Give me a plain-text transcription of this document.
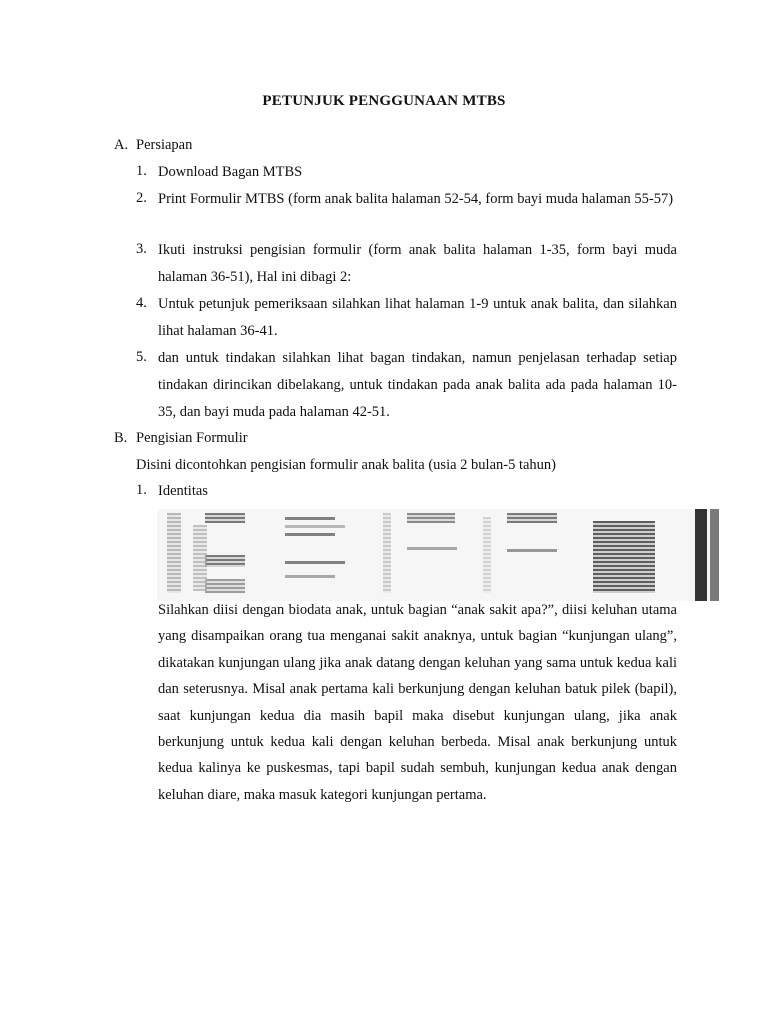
PETUNJUK PENGGUNAAN MTBS
A. Persiapan
1. Download Bagan MTBS
2. Print Formulir MTBS (form anak balita halaman 52-54, form bayi muda halaman 55-57)
3. Ikuti instruksi pengisian formulir (form anak balita halaman 1-35, form bayi muda halaman 36-51), Hal ini dibagi 2:
4. Untuk petunjuk pemeriksaan silahkan lihat halaman 1-9 untuk anak balita, dan silahkan lihat halaman 36-41.
5. dan untuk tindakan silahkan lihat bagan tindakan, namun penjelasan terhadap setiap tindakan dirincikan dibelakang, untuk tindakan pada anak balita ada pada halaman 10-35, dan bayi muda pada halaman 42-51.
B. Pengisian Formulir
Disini dicontohkan pengisian formulir anak balita (usia 2 bulan-5 tahun)
1. Identitas
Silahkan diisi dengan biodata anak, untuk bagian “anak sakit apa?”, diisi keluhan utama yang disampaikan orang tua menganai sakit anaknya, untuk bagian “kunjungan ulang”, dikatakan kunjungan ulang jika anak datang dengan keluhan yang sama untuk kedua kali dan seterusnya. Misal anak pertama kali berkunjung dengan keluhan batuk pilek (bapil), saat kunjungan kedua dia masih bapil maka disebut kunjungan ulang, jika anak berkunjung untuk kedua kali dengan keluhan berbeda. Misal anak berkunjung untuk kedua kalinya ke puskesmas, tapi bapil sudah sembuh, kunjungan kedua anak dengan keluhan diare, maka masuk kategori kunjungan pertama.
